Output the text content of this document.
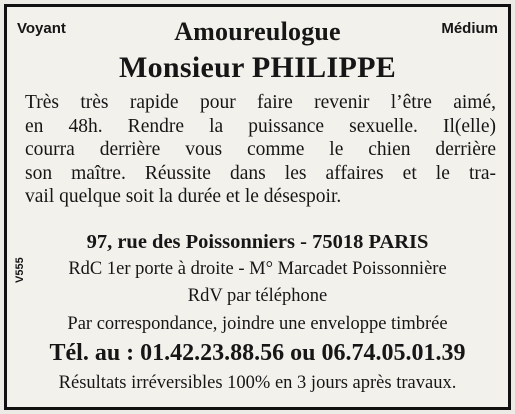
Voyant	Médium
Amoureulogue
Monsieur PHILIPPE
Très très rapide pour faire revenir l’être aimé,
en 48h. Rendre la puissance sexuelle. Il(elle)
courra derrière vous comme le chien derrière
son maître. Réussite dans les affaires et le tra-
vail quelque soit la durée et le désespoir.
97, rue des Poissonniers - 75018 PARIS
RdC 1er porte à droite - M° Marcadet Poissonnière
RdV par téléphone
Par correspondance, joindre une enveloppe timbrée
Tél. au : 01.42.23.88.56 ou 06.74.05.01.39
Résultats irréversibles 100% en 3 jours après travaux.
V555
